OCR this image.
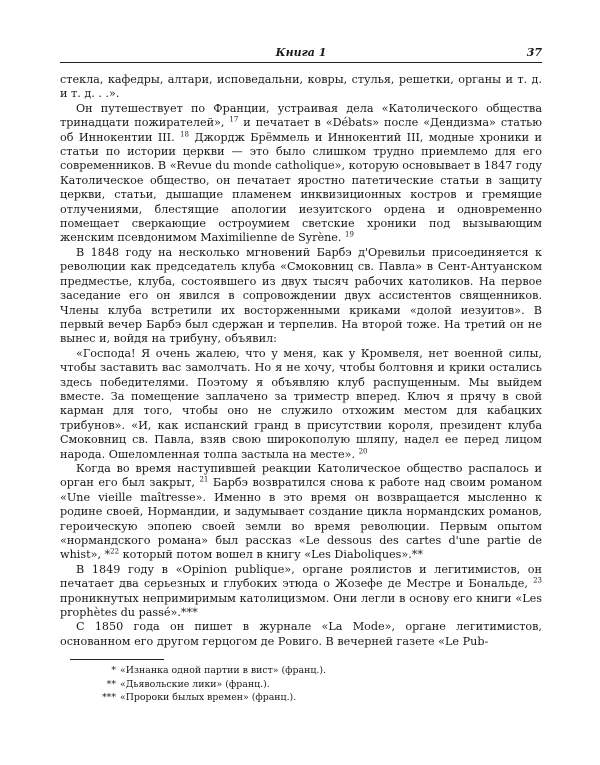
Книга 1	37

стекла, кафедры, алтари, исповедальни, ковры, стулья, решетки, органы и т. д. и т. д. . .».

Он путешествует по Франции, устраивая дела «Католического общества тринадцати пожирателей», $^{17}$ и печатает в «Débats» после «Дендизма» статью об Иннокентии III. $^{18}$ Джордж Брёммель и Иннокентий III, модные хроники и статьи по истории церкви — это было слишком трудно приемлемо для его современников. В «Revue du monde catholique», которую основывает в 1847 году Католическое общество, он печатает яростно патетические статьи в защиту церкви, статьи, дышащие пламенем инквизиционных костров и гремящие отлучениями, блестящие апологии иезуитского ордена и одновременно помещает сверкающие остроумием светские хроники под вызывающим женским псевдонимом Maximilienne de Syrène. $^{19}$

В 1848 году на несколько мгновений Барбэ д'Оревильи присоединяется к революции как председатель клуба «Смоковниц св. Павла» в Сент-Антуанском предместье, клуба, состоявшего из двух тысяч рабочих католиков. На первое заседание его он явился в сопровождении двух ассистентов священников. Члены клуба встретили их восторженными криками «долой иезуитов». В первый вечер Барбэ был сдержан и терпелив. На второй тоже. На третий он не вынес и, войдя на трибуну, объявил:

«Господа! Я очень жалею, что у меня, как у Кромвеля, нет военной силы, чтобы заставить вас замолчать. Но я не хочу, чтобы болтовня и крики остались здесь победителями. Поэтому я объявляю клуб распущенным. Мы выйдем вместе. За помещение заплачено за триместр вперед. Ключ я прячу в свой карман для того, чтобы оно не служило отхожим местом для кабацких трибунов». «И, как испанский гранд в присутствии короля, президент клуба Смоковниц св. Павла, взяв свою широкополую шляпу, надел ее перед лицом народа. Ошеломленная толпа застыла на месте». $^{20}$

Когда во время наступившей реакции Католическое общество распалось и орган его был закрыт, $^{21}$ Барбэ возвратился снова к работе над своим романом «Une vieille maîtresse». Именно в это время он возвращается мысленно к родине своей, Нормандии, и задумывает создание цикла нормандских романов, героическую эпопею своей земли во время революции. Первым опытом «нормандского романа» был рассказ «Le dessous des cartes d'une partie de whist», *$^{22}$ который потом вошел в книгу «Les Diaboliques».**

В 1849 году в «Opinion publique», органе роялистов и легитимистов, он печатает два серьезных и глубоких этюда о Жозефе де Местре и Бональде, $^{23}$ проникнутых непримиримым католицизмом. Они легли в основу его книги «Les prophètes du passé».***

С 1850 года он пишет в журнале «La Mode», органе легитимистов, основанном его другом герцогом де Ровиго. В вечерней газете «Le Pub-

* «Изнанка одной партии в вист» (франц.).
** «Дьявольские лики» (франц.).
*** «Пророки былых времен» (франц.).
